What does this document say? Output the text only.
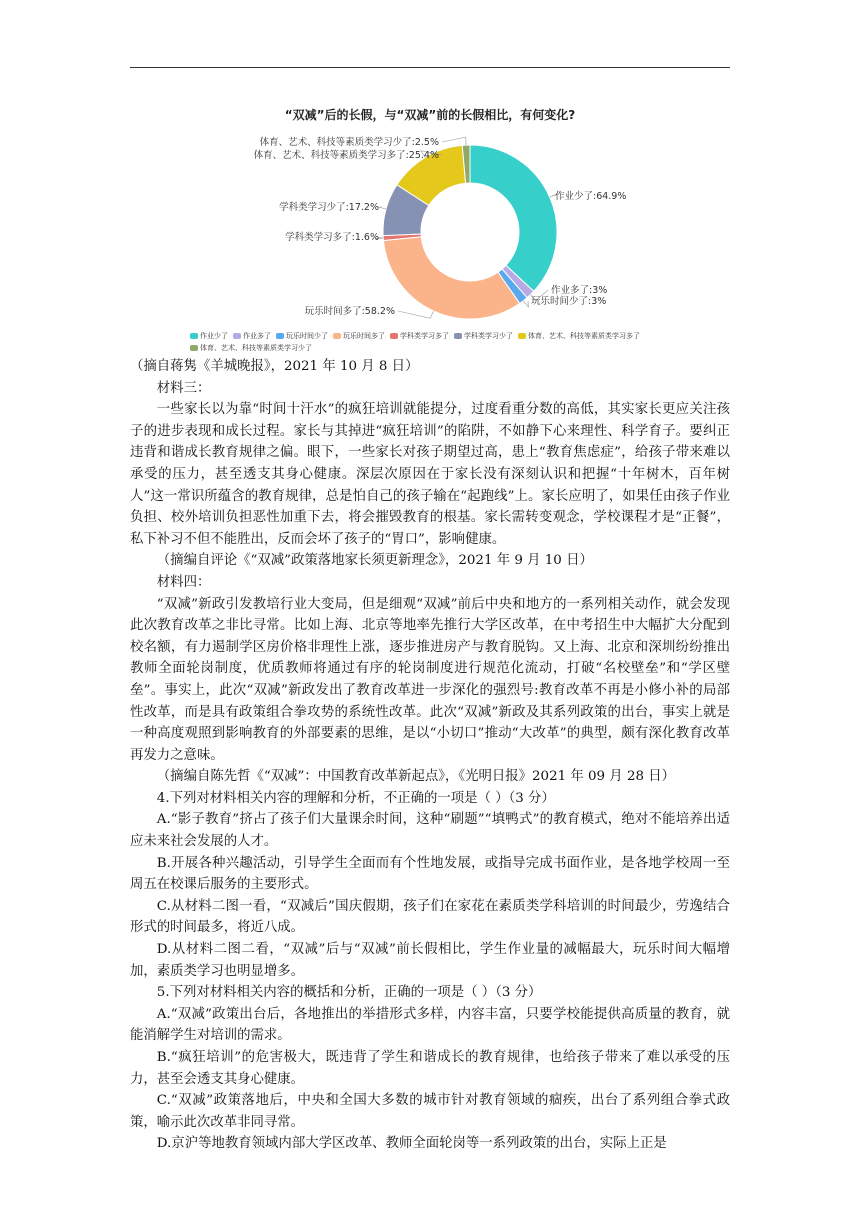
“双减”后的长假，与“双减”前的长假相比，有何变化?
作业少了:64.9%
作业多了:3%
玩乐时间少了:3%
玩乐时间多了:58.2%
学科类学习多了:1.6%
学科类学习少了:17.2%
体育、艺术、科技等素质类学习多了:25.4%
体育、艺术、科技等素质类学习少了:2.5%
作业少了 作业多了 玩乐时间少了 玩乐时间多了 学科类学习多了 学科类学习少了 体育、艺术、科技等素质类学习多了体育、艺术、科技等素质类学习少了

（摘自蒋隽《羊城晚报》，2021 年 10 月 8 日）

材料三：

一些家长以为靠“时间十汗水”的疯狂培训就能提分，过度看重分数的高低，其实家长更应关注孩子的进步表现和成长过程。家长与其掉进“疯狂培训”的陷阱，不如静下心来理性、科学育子。要纠正违背和谐成长教育规律之偏。眼下，一些家长对孩子期望过高，患上“教育焦虑症”，给孩子带来难以承受的压力，甚至透支其身心健康。深层次原因在于家长没有深刻认识和把握“十年树木，百年树人”这一常识所蕴含的教育规律，总是怕自己的孩子输在“起跑线”上。家长应明了，如果任由孩子作业负担、校外培训负担恶性加重下去，将会摧毁教育的根基。家长需转变观念，学校课程才是“正餐”，私下补习不但不能胜出，反而会坏了孩子的“胃口”，影响健康。

（摘编自评论《“双减”政策落地家长须更新理念》，2021 年 9 月 10 日）

材料四：

“双减”新政引发教培行业大变局，但是细观“双减”前后中央和地方的一系列相关动作，就会发现此次教育改革之非比寻常。比如上海、北京等地率先推行大学区改革，在中考招生中大幅扩大分配到校名额，有力遏制学区房价格非理性上涨，逐步推进房产与教育脱钩。又上海、北京和深圳纷纷推出教师全面轮岗制度，优质教师将通过有序的轮岗制度进行规范化流动，打破“名校壁垒”和“学区壁垒”。事实上，此次“双减”新政发出了教育改革进一步深化的强烈号:教育改革不再是小修小补的局部性改革，而是具有政策组合拳攻势的系统性改革。此次“双减”新政及其系列政策的出台，事实上就是一种高度观照到影响教育的外部要素的思维，是以“小切口”推动“大改革”的典型，颇有深化教育改革再发力之意味。

（摘编自陈先哲《“双减”：中国教育改革新起点》，《光明日报》2021 年 09 月 28 日）

4.下列对材料相关内容的理解和分析，不正确的一项是（ ）（3 分）

A.“影子教育”挤占了孩子们大量课余时间，这种“刷题”“填鸭式”的教育模式，绝对不能培养出适应未来社会发展的人才。

B.开展各种兴趣活动，引导学生全面而有个性地发展，或指导完成书面作业，是各地学校周一至周五在校课后服务的主要形式。

C.从材料二图一看，“双减后”国庆假期，孩子们在家花在素质类学科培训的时间最少，劳逸结合形式的时间最多，将近八成。

D.从材料二图二看，“双减”后与“双减”前长假相比，学生作业量的减幅最大，玩乐时间大幅增加，素质类学习也明显增多。

5.下列对材料相关内容的概括和分析，正确的一项是（ ）（3 分）

A.“双减”政策出台后，各地推出的举措形式多样，内容丰富，只要学校能提供高质量的教育，就能消解学生对培训的需求。

B.“疯狂培训”的危害极大，既违背了学生和谐成长的教育规律，也给孩子带来了难以承受的压力，甚至会透支其身心健康。

C.“双减”政策落地后，中央和全国大多数的城市针对教育领域的痼疾，出台了系列组合拳式政策，喻示此次改革非同寻常。

D.京沪等地教育领域内部大学区改革、教师全面轮岗等一系列政策的出台，实际上正是
